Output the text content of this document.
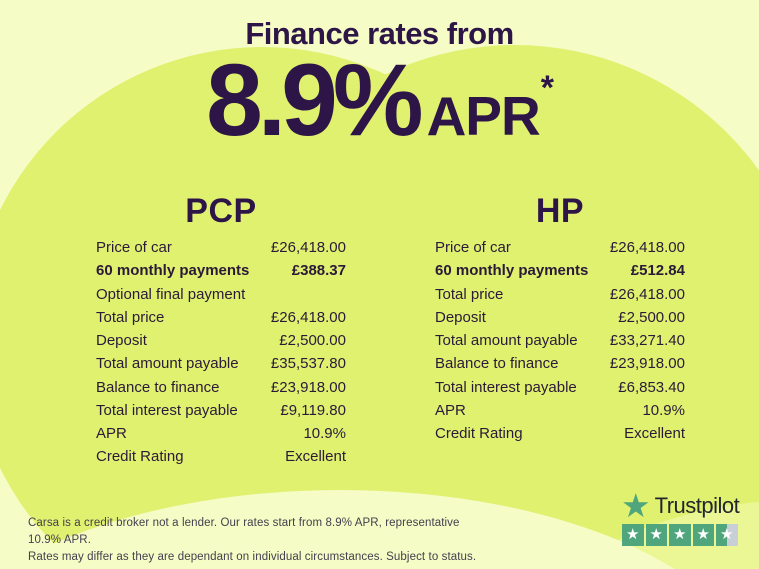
Finance rates from
8.9% APR*
PCP
Price of car	£26,418.00
60 monthly payments	£388.37
Optional final payment
Total price	£26,418.00
Deposit	£2,500.00
Total amount payable £35,537.80
Balance to finance	£23,918.00
Total interest payable	£9,119.80
APR	10.9%
Credit Rating	Excellent
HP
Price of car	£26,418.00
60 monthly payments	£512.84
Total price	£26,418.00
Deposit	£2,500.00
Total amount payable £33,271.40
Balance to finance	£23,918.00
Total interest payable	£6,853.40
APR	10.9%
Credit Rating	Excellent
Carsa is a credit broker not a lender. Our rates start from 8.9% APR, representative 10.9% APR.
Rates may differ as they are dependant on individual circumstances. Subject to status.
★ Trustpilot
★ ★ ★ ★ ★
